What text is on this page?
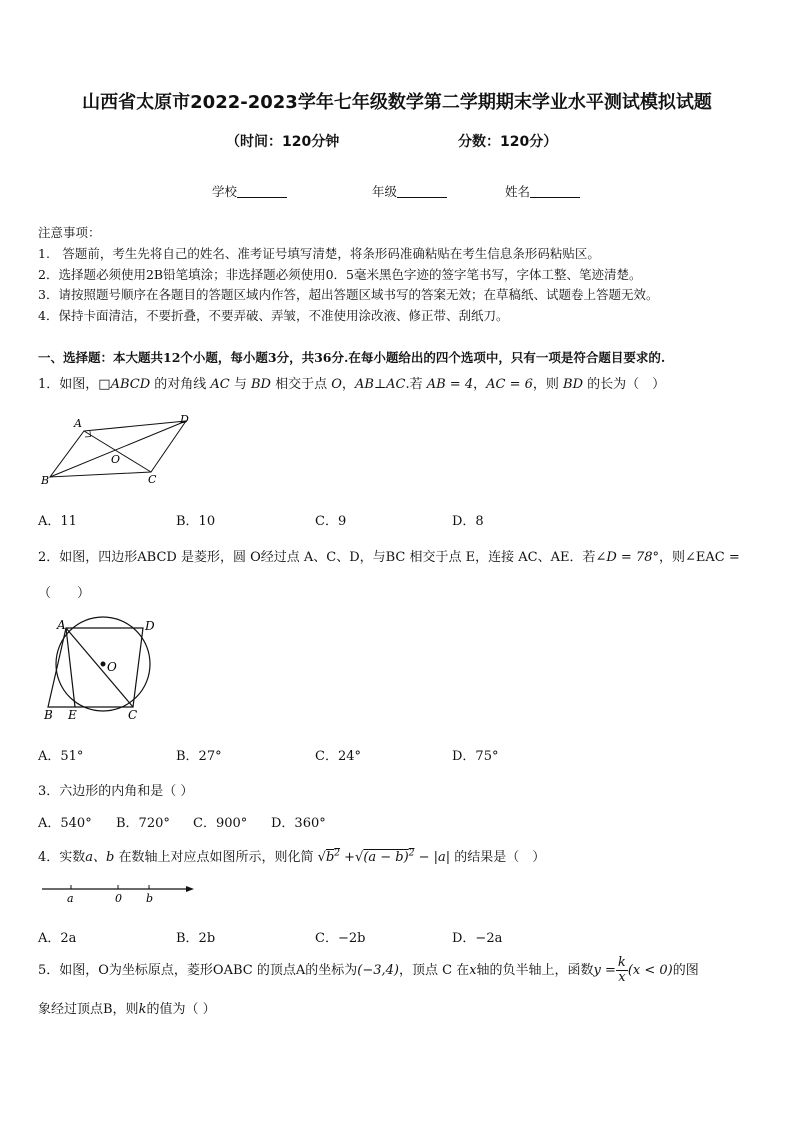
山西省太原市2022-2023学年七年级数学第二学期期末学业水平测试模拟试题
（时间：120分钟	分数：120分）
学校	年级	姓名
注意事项：
1.　答题前，考生先将自己的姓名、准考证号填写清楚，将条形码准确粘贴在考生信息条形码粘贴区。
2．选择题必须使用2B铅笔填涂；非选择题必须使用0．5毫米黑色字迹的签字笔书写，字体工整、笔迹清楚。
3．请按照题号顺序在各题目的答题区域内作答，超出答题区域书写的答案无效；在草稿纸、试题卷上答题无效。
4．保持卡面清洁，不要折叠，不要弄破、弄皱，不准使用涂改液、修正带、刮纸刀。
一、选择题：本大题共12个小题，每小题3分，共36分.在每小题给出的四个选项中，只有一项是符合题目要求的.
1．如图，□ABCD 的对角线 AC 与 BD 相交于点 O，AB⊥AC.若 AB = 4，AC = 6，则 BD 的长为（　）
A	D
B	C
O
A．11	B．10	C．9	D．8
2．如图，四边形ABCD 是菱形，圆 O经过点 A、C、D，与BC 相交于点 E，连接 AC、AE．若∠D = 78°，则∠EAC =
（　　）
A	D
B E	C
O
A．51°	B．27°	C．24°	D．75°
3．六边形的内角和是（ ）
A．540° B．720° C．900° D．360°
4．实数a、b 在数轴上对应点如图所示，则化简 $√b^2 +√(a - b)^2 - |a|$ 的结果是（　）
a	0 b
A．2a	B．2b	C．−2b	D．−2a
5．如图，O为坐标原点，菱形OABC 的顶点A的坐标为(−3,4)，顶点 C 在x轴的负半轴上，函数$y = \frac{k}{x} (x < 0)$的图
象经过顶点B，则k的值为（ ）
